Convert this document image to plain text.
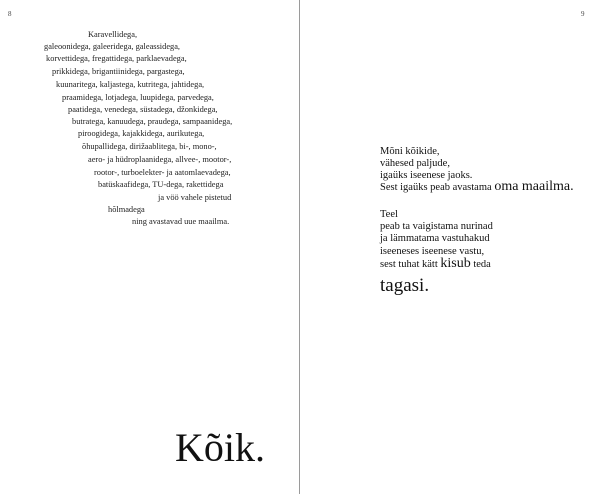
8
Karavellidega,
galeoonidega, galeeridega, galeassidega,
korvettidega, fregattidega, parklaevadega,
prikkidega, brigantiinidega, pargastega,
kuunaritega, kaljastega, kutritega, jahtidega,
praamidega, lotjadega, luupidega, parvedega,
paatidega, venedega, süstadega, džonkidega,
butratega, kanuudega, praudega, sampaanidega,
piroogidega, kajakkidega, aurikutega,
õhupallidega, dirižaablitega, bi-, mono-,
aero- ja hüdroplaanidega, allvee-, mootor-,
rootor-, turboelekter- ja aatomlaevadega,
batüskaafidega, TU-dega, rakettidega
ja vöö vahele pistetud
hõlmadega
ning avastavad uue maailma.
Kõik.
9
Mõni kõikide,
vähesed paljude,
igaüks iseenese jaoks.
Sest igaüks peab avastama oma maailma.
Teel
peab ta vaigistama nurinad
ja lämmatama vastuhakud
iseeneses iseenese vastu,
sest tuhat kätt kisub teda
tagasi.
